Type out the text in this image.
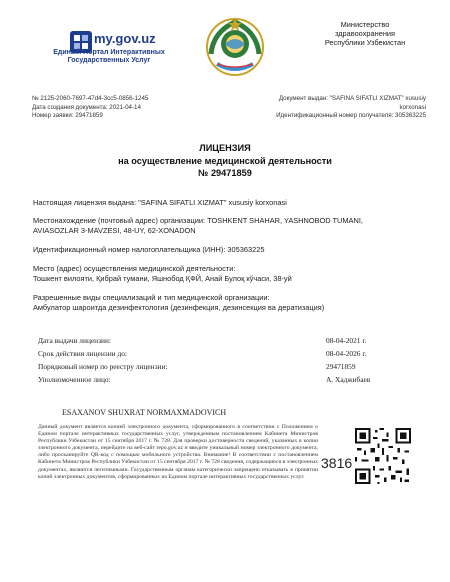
my.gov.uz
Единый Портал Интерактивных
Государственных Услуг
Министерство
здравоохранения
Республики Узбекистан
№ 2125-2060-7697-47d4-3cc5-0856-1245
Дата создания документа: 2021-04-14
Номер заявки: 29471859
Документ выдан: "SAFINA SIFATLI XIZMAT" xususiy
korxonasi
Идентификационный номер получателя: 305363225
ЛИЦЕНЗИЯ
на осуществление медицинской деятельности
№ 29471859
Настоящая лицензия выдана: "SAFINA SIFATLI XIZMAT" xususiy korxonasi
Местонахождение (почтовый адрес) организации: TOSHKENT SHAHAR, YASHNOBOD TUMANI,
AVIASOZLAR 3-MAVZESI, 48-UY, 62-XONADON
Идентификационный номер налогоплательщика (ИНН): 305363225
Место (адрес) осуществления медицинской деятельности:
Тошкент вилояти, Қибрай тумани, Яшнобод ҚФЙ, Анай Булоқ кўчаси, 38-уй
Разрешенные виды специализаций и тип медицинской организации:
Амбулатор шароитда дезинфектология (дезинфекция, дезинсекция ва дератизация)
Дата выдачи лицензии:	08-04-2021 г.
Срок действия лицензии до:	08-04-2026 г.
Порядковый номер по реестру лицензии:	29471859
Уполномоченное лицо:	А. Хаджибаев
ESAXANOV SHUXRAT NORMAXMADOVICH
Данный документ является копией электронного документа, сформированного в соответствии с Положением о Едином портале интерактивных государственных услуг, утвержденным постановлением Кабинета Министров Республики Узбекистан от 15 сентября 2017 г. № 728. Для проверки достоверности сведений, указанных в копии электронного документа, перейдите на веб-сайт repo.gov.uz и введите уникальный номер электронного документа, либо просканируйте QR-код с помощью мобильного устройства. Внимание! В соответствии с постановлением Кабинета Министров Республики Узбекистан от 15 сентября 2017 г. № 728 сведения, содержащиеся в электронных документах, являются легитимными. Государственным органам категорически запрещено отказывать в принятии копий электронных документов, сформированных на Едином портале интерактивных государственных услуг.
3816
